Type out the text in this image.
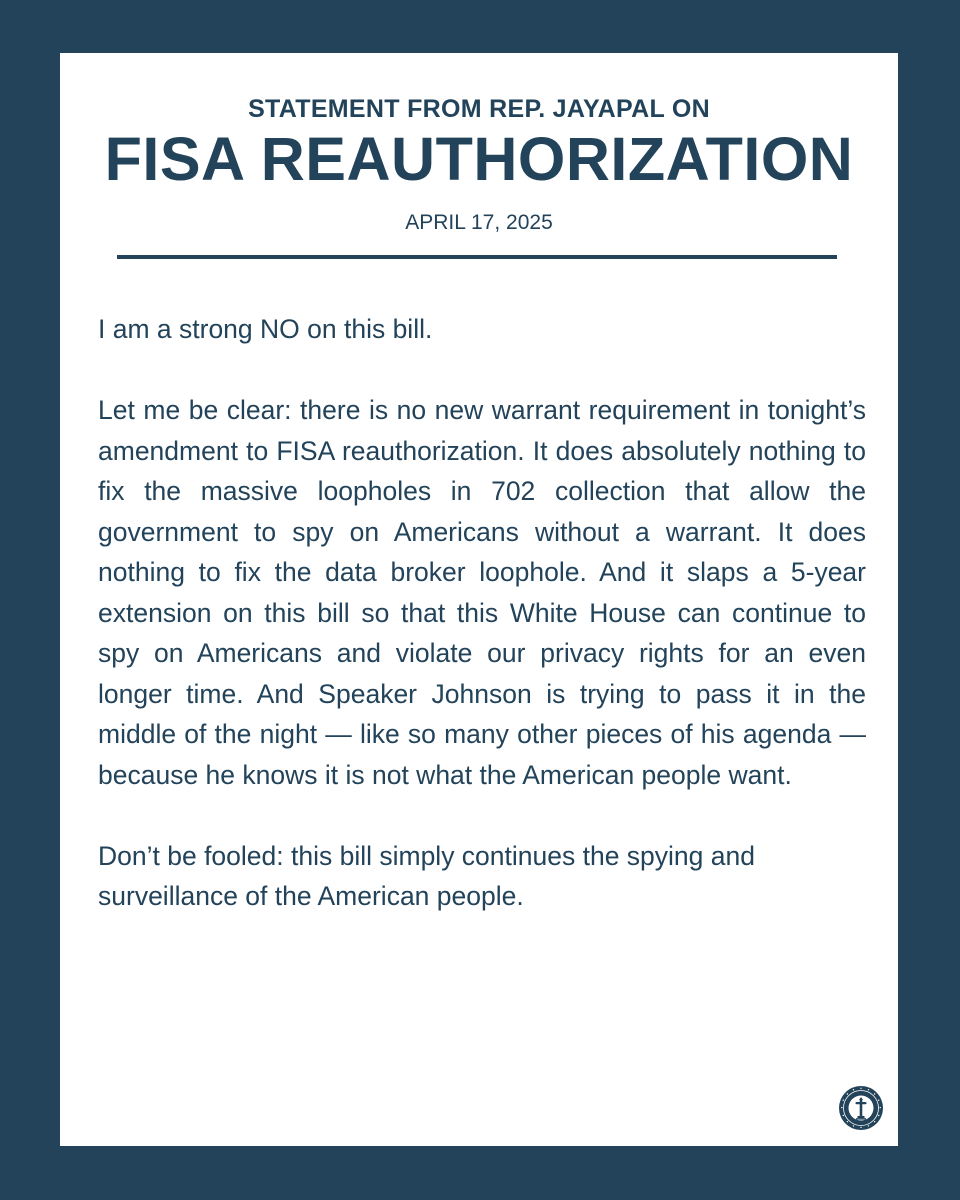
STATEMENT FROM REP. JAYAPAL ON
FISA REAUTHORIZATION
APRIL 17, 2025

I am a strong NO on this bill.

Let me be clear: there is no new warrant requirement in tonight’s amendment to FISA reauthorization. It does absolutely nothing to fix the massive loopholes in 702 collection that allow the government to spy on Americans without a warrant. It does nothing to fix the data broker loophole. And it slaps a 5-year extension on this bill so that this White House can continue to spy on Americans and violate our privacy rights for an even longer time. And Speaker Johnson is trying to pass it in the middle of the night — like so many other pieces of his agenda — because he knows it is not what the American people want.

Don’t be fooled: this bill simply continues the spying and surveillance of the American people.
